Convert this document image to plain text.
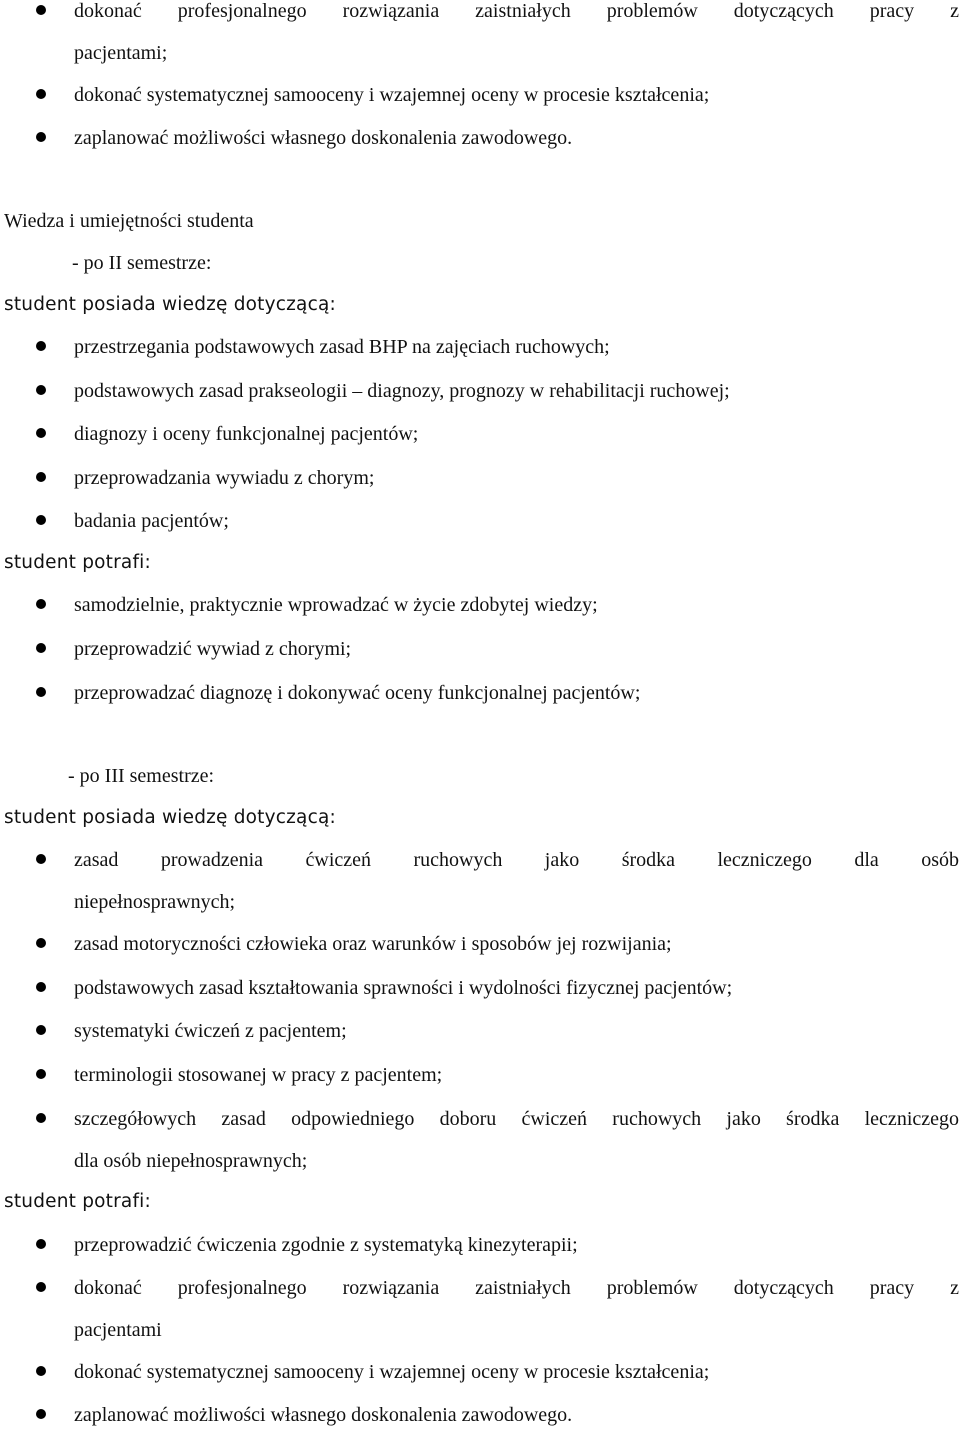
dokonać profesjonalnego rozwiązania zaistniałych problemów dotyczących pracy z
pacjentami;
dokonać systematycznej samooceny i wzajemnej oceny w procesie kształcenia;
zaplanować możliwości własnego doskonalenia zawodowego.
Wiedza i umiejętności studenta
- po II semestrze:
student posiada wiedzę dotyczącą:
przestrzegania podstawowych zasad BHP na zajęciach ruchowych;
podstawowych zasad prakseologii – diagnozy, prognozy w rehabilitacji ruchowej;
diagnozy i oceny funkcjonalnej pacjentów;
przeprowadzania wywiadu z chorym;
badania pacjentów;
student potrafi:
samodzielnie, praktycznie wprowadzać w życie zdobytej wiedzy;
przeprowadzić wywiad z chorymi;
przeprowadzać diagnozę i dokonywać oceny funkcjonalnej pacjentów;
- po III semestrze:
student posiada wiedzę dotyczącą:
zasad prowadzenia ćwiczeń ruchowych jako środka leczniczego dla osób
niepełnosprawnych;
zasad motoryczności człowieka oraz warunków i sposobów jej rozwijania;
podstawowych zasad kształtowania sprawności i wydolności fizycznej pacjentów;
systematyki ćwiczeń z pacjentem;
terminologii stosowanej w pracy z pacjentem;
szczegółowych zasad odpowiedniego doboru ćwiczeń ruchowych jako środka leczniczego
dla osób niepełnosprawnych;
student potrafi:
przeprowadzić ćwiczenia zgodnie z systematyką kinezyterapii;
dokonać profesjonalnego rozwiązania zaistniałych problemów dotyczących pracy z
pacjentami
dokonać systematycznej samooceny i wzajemnej oceny w procesie kształcenia;
zaplanować możliwości własnego doskonalenia zawodowego.
